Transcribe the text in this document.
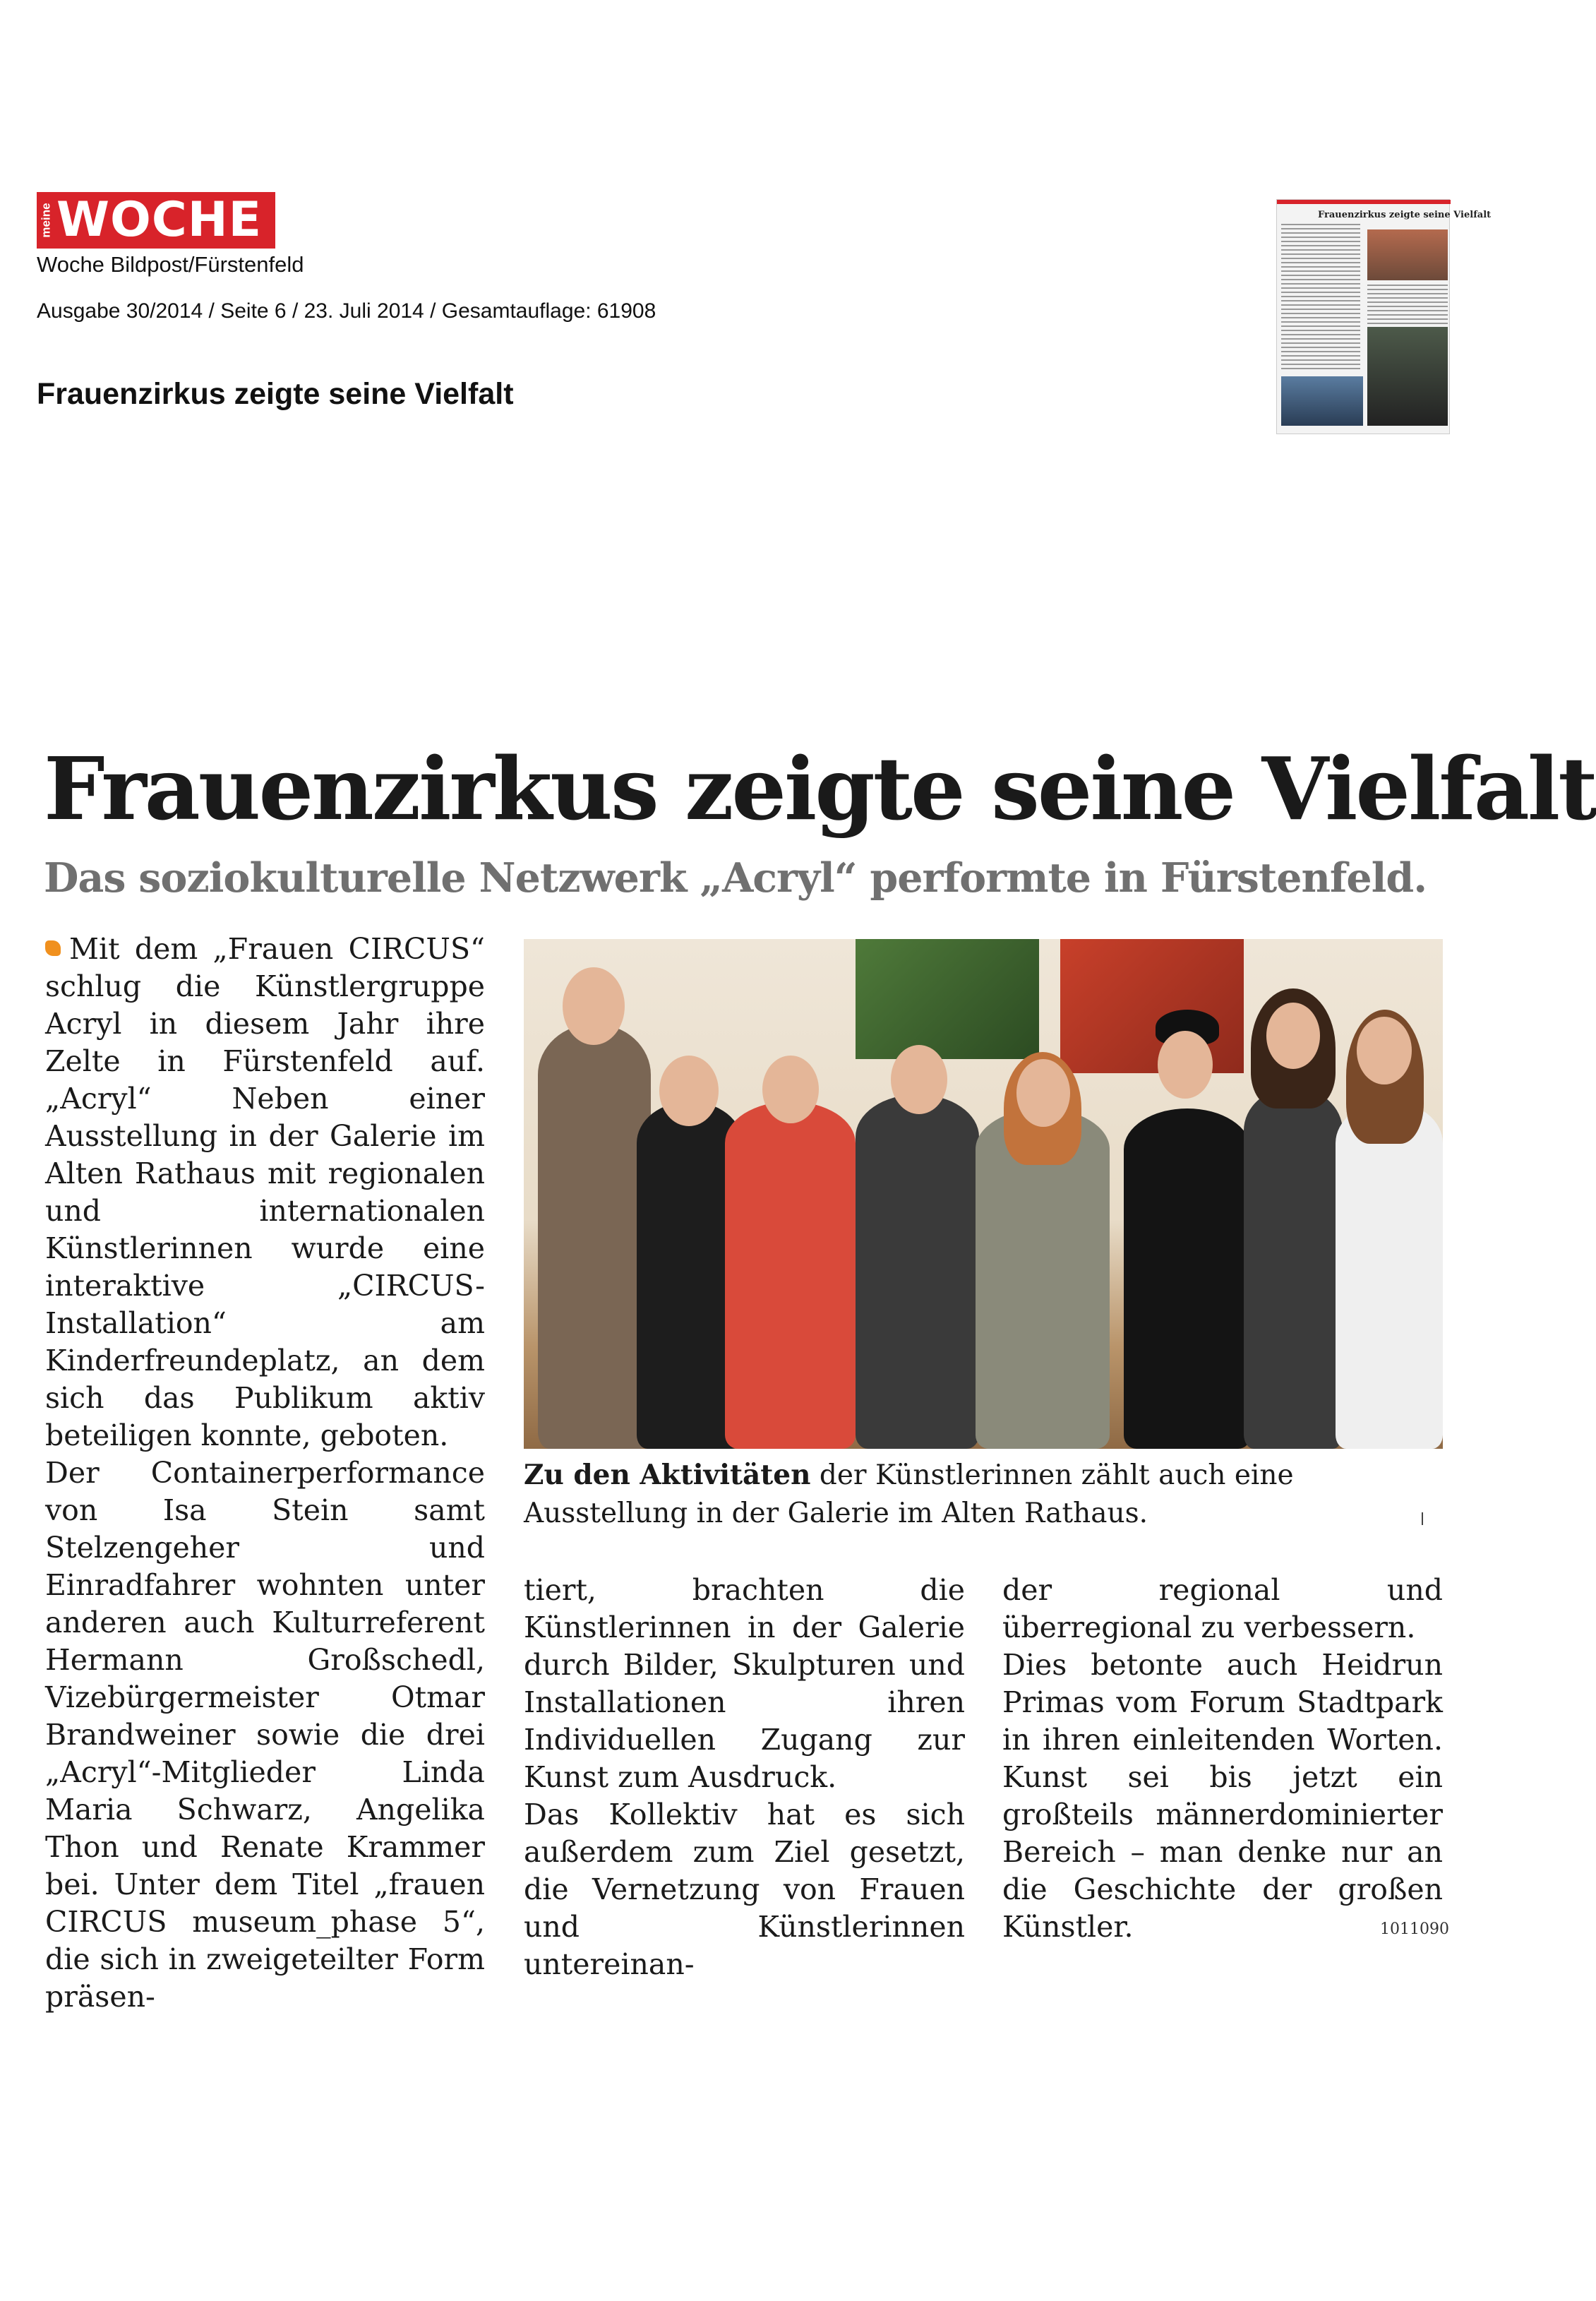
meine WOCHE
Woche Bildpost/Fürstenfeld
Ausgabe 30/2014 / Seite 6 / 23. Juli 2014 / Gesamtauflage: 61908
Frauenzirkus zeigte seine Vielfalt
Frauenzirkus zeigte seine Vielfalt
Frauenzirkus zeigte seine Vielfalt
Das soziokulturelle Netzwerk „Acryl“ performte in Fürstenfeld.

Mit dem „Frauen CIRCUS“ schlug die Künstlergruppe Acryl in diesem Jahr ihre Zelte in Fürstenfeld auf. „Acryl“ Neben einer Ausstellung in der Galerie im Alten Rathaus mit regionalen und internationalen Künstlerinnen wurde eine interaktive „CIRCUS-Installation“ am Kinderfreundeplatz, an dem sich das Publikum aktiv beteiligen konnte, geboten.

Der Containerperformance von Isa Stein samt Stelzengeher und Einradfahrer wohnten unter anderen auch Kulturreferent Hermann Großschedl, Vizebürgermeister Otmar Brandweiner sowie die drei „Acryl“-Mitglieder Linda Maria Schwarz, Angelika Thon und Renate Krammer bei. Unter dem Titel „frauen CIRCUS museum_phase 5“, die sich in zweigeteilter Form präsen-

Zu den Aktivitäten der Künstlerinnen zählt auch eine Ausstellung in der Galerie im Alten Rathaus.

tiert, brachten die Künstlerinnen in der Galerie durch Bilder, Skulpturen und Installationen ihren Individuellen Zugang zur Kunst zum Ausdruck.

Das Kollektiv hat es sich außerdem zum Ziel gesetzt, die Vernetzung von Frauen und Künstlerinnen untereinan-

der regional und überregional zu verbessern.

Dies betonte auch Heidrun Primas vom Forum Stadtpark in ihren einleitenden Worten. Kunst sei bis jetzt ein großteils männerdominierter Bereich – man denke nur an die Geschichte der großen Künstler.	1011090
